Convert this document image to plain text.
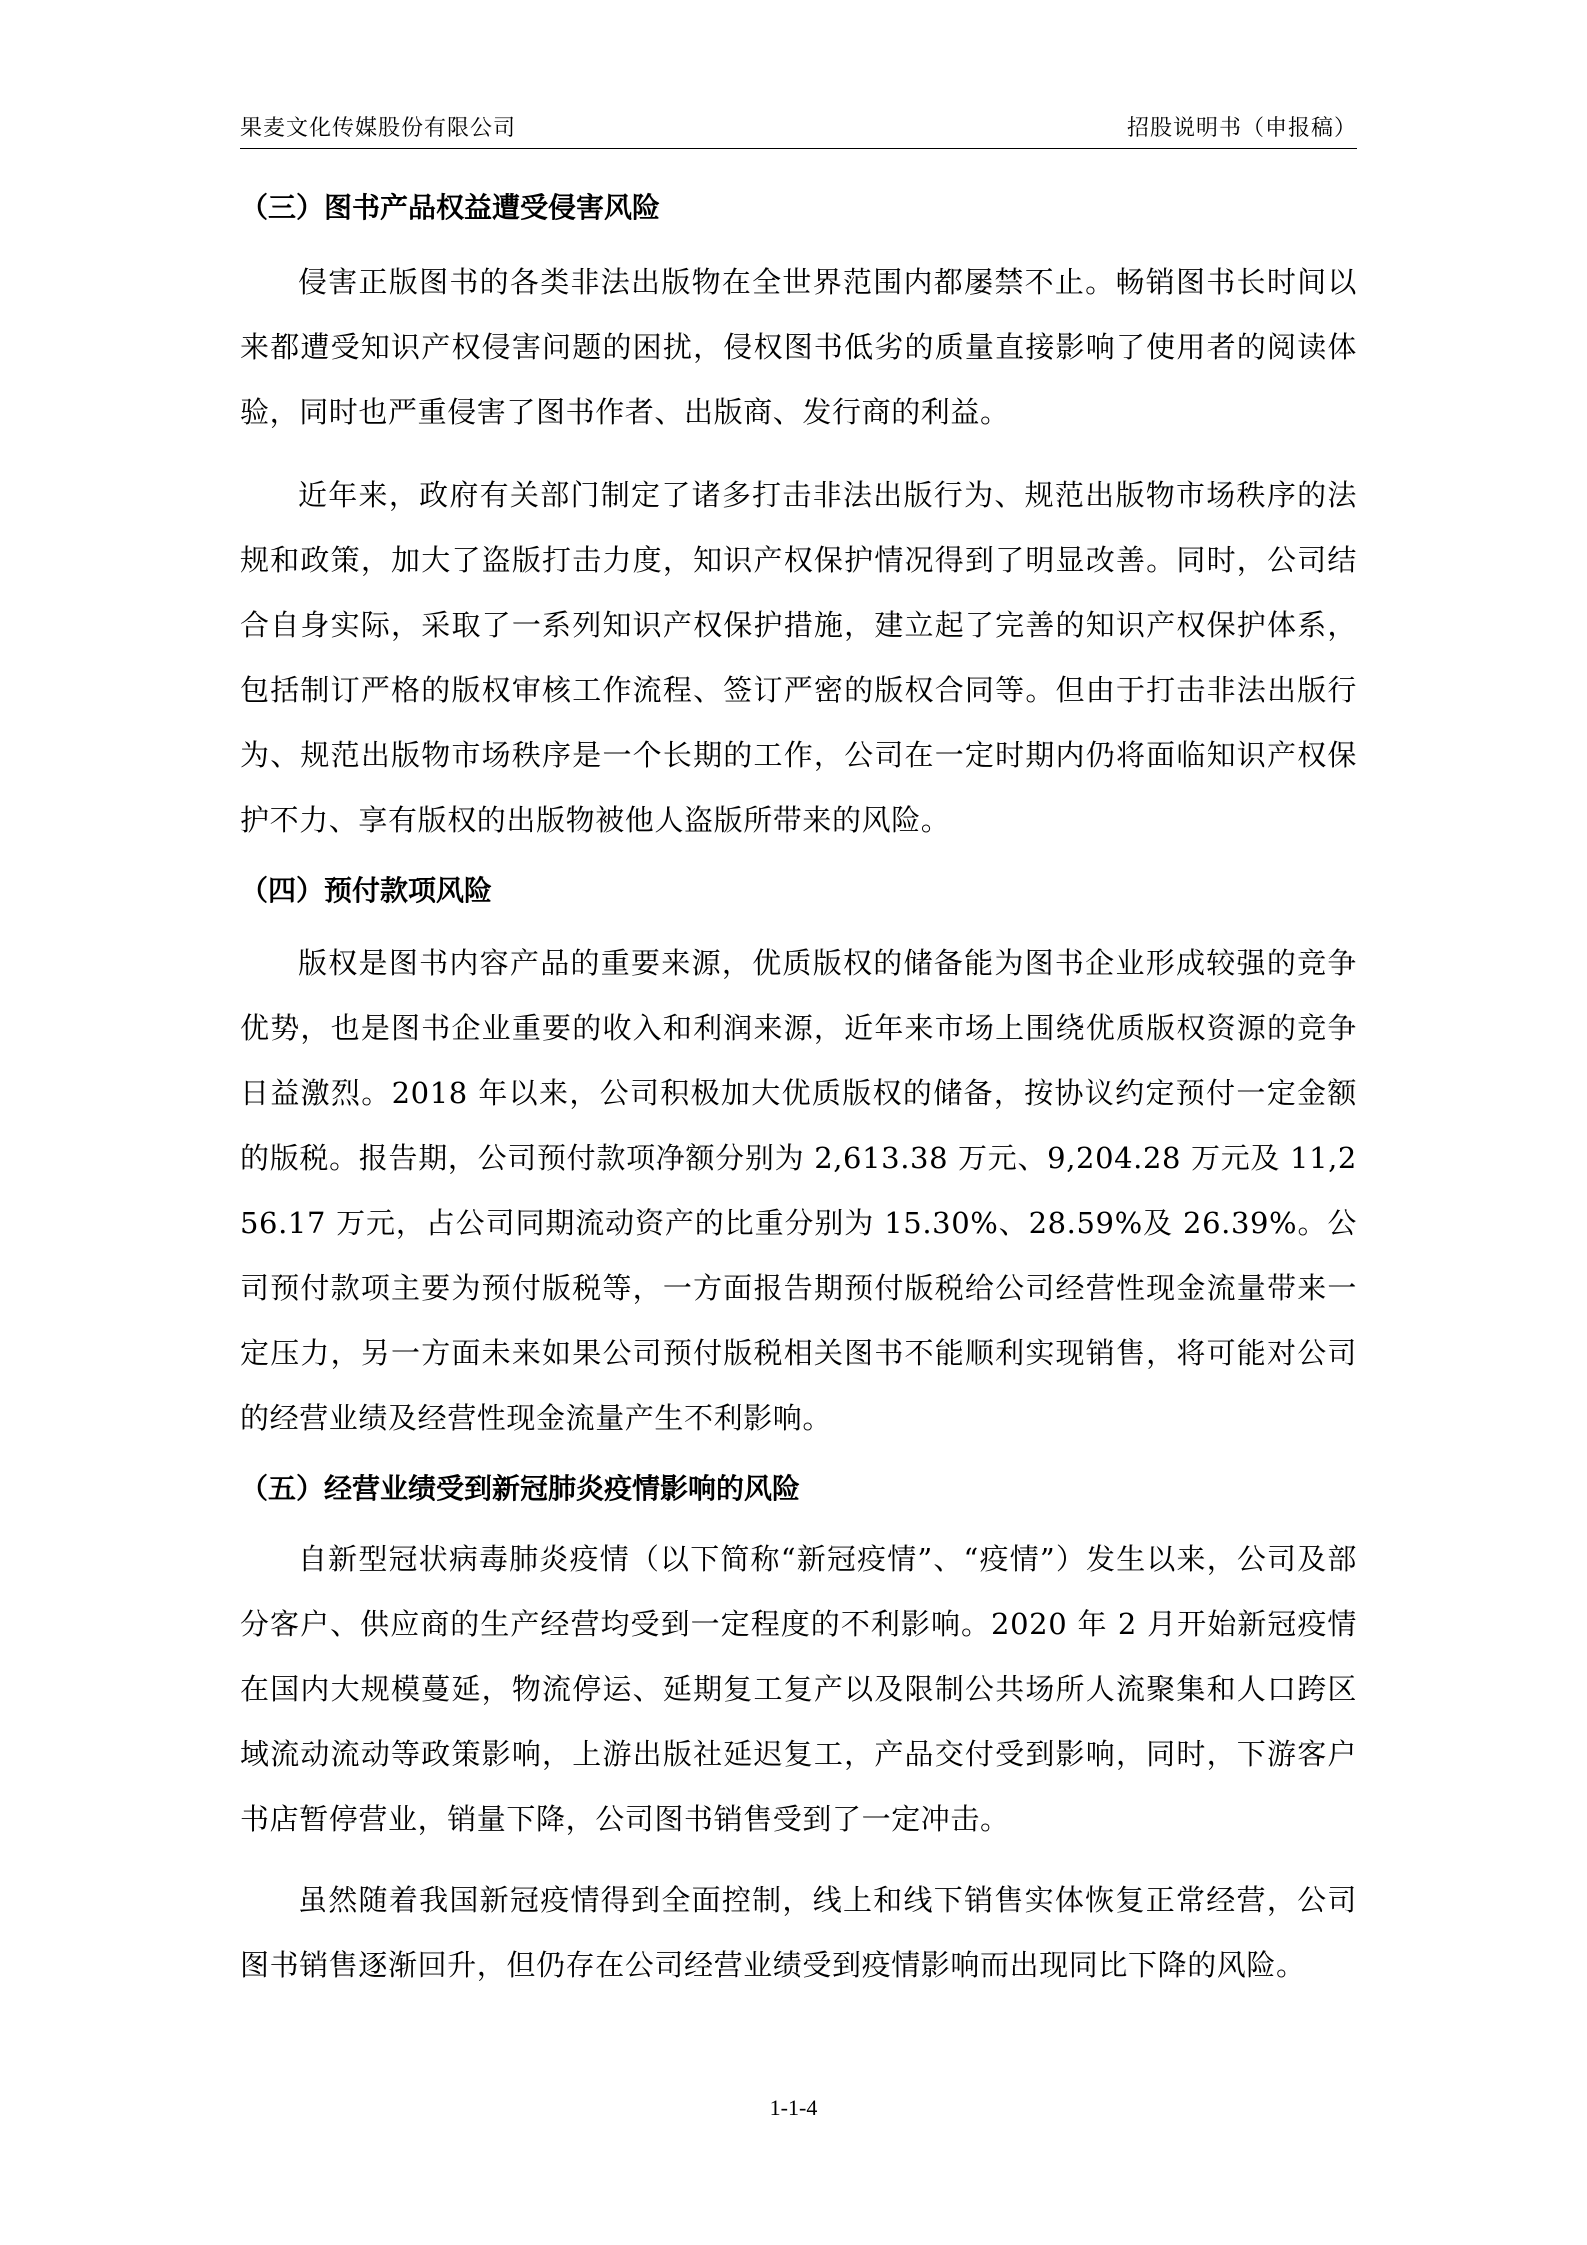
果麦文化传媒股份有限公司	招股说明书（申报稿）
（三）图书产品权益遭受侵害风险

侵害正版图书的各类非法出版物在全世界范围内都屡禁不止。畅销图书长时间以来都遭受知识产权侵害问题的困扰，侵权图书低劣的质量直接影响了使用者的阅读体验，同时也严重侵害了图书作者、出版商、发行商的利益。

近年来，政府有关部门制定了诸多打击非法出版行为、规范出版物市场秩序的法规和政策，加大了盗版打击力度，知识产权保护情况得到了明显改善。同时，公司结合自身实际，采取了一系列知识产权保护措施，建立起了完善的知识产权保护体系，包括制订严格的版权审核工作流程、签订严密的版权合同等。但由于打击非法出版行为、规范出版物市场秩序是一个长期的工作，公司在一定时期内仍将面临知识产权保护不力、享有版权的出版物被他人盗版所带来的风险。

（四）预付款项风险

版权是图书内容产品的重要来源，优质版权的储备能为图书企业形成较强的竞争优势，也是图书企业重要的收入和利润来源，近年来市场上围绕优质版权资源的竞争日益激烈。2018 年以来，公司积极加大优质版权的储备，按协议约定预付一定金额的版税。报告期，公司预付款项净额分别为 2,613.38 万元、9,204.28 万元及 11,256.17 万元，占公司同期流动资产的比重分别为 15.30%、28.59%及 26.39%。公司预付款项主要为预付版税等，一方面报告期预付版税给公司经营性现金流量带来一定压力，另一方面未来如果公司预付版税相关图书不能顺利实现销售，将可能对公司的经营业绩及经营性现金流量产生不利影响。

（五）经营业绩受到新冠肺炎疫情影响的风险

自新型冠状病毒肺炎疫情（以下简称“新冠疫情”、“疫情”）发生以来，公司及部分客户、供应商的生产经营均受到一定程度的不利影响。2020 年 2 月开始新冠疫情在国内大规模蔓延，物流停运、延期复工复产以及限制公共场所人流聚集和人口跨区域流动流动等政策影响，上游出版社延迟复工，产品交付受到影响，同时，下游客户书店暂停营业，销量下降，公司图书销售受到了一定冲击。

虽然随着我国新冠疫情得到全面控制，线上和线下销售实体恢复正常经营，公司图书销售逐渐回升，但仍存在公司经营业绩受到疫情影响而出现同比下降的风险。

1-1-4
